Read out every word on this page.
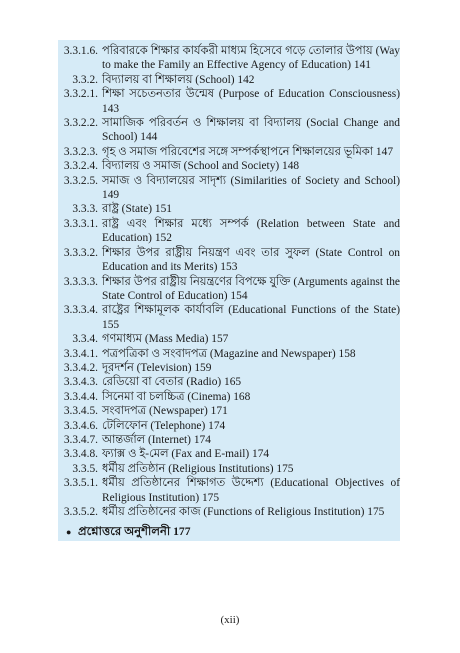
3.3.1.6. পরিবারকে শিক্ষার কার্যকরী মাধ্যম হিসেবে গড়ে তোলার উপায় (Way to make the Family an Effective Agency of Education) 141
3.3.2. বিদ্যালয় বা শিক্ষালয় (School) 142
3.3.2.1. শিক্ষা সচেতনতার উন্মেষ (Purpose of Education Consciousness) 143
3.3.2.2. সামাজিক পরিবর্তন ও শিক্ষালয় বা বিদ্যালয় (Social Change and School) 144
3.3.2.3. গৃহ ও সমাজ পরিবেশের সঙ্গে সম্পর্কস্থাপনে শিক্ষালয়ের ভূমিকা 147
3.3.2.4. বিদ্যালয় ও সমাজ (School and Society) 148
3.3.2.5. সমাজ ও বিদ্যালয়ের সাদৃশ্য (Similarities of Society and School) 149
3.3.3. রাষ্ট্র (State) 151
3.3.3.1. রাষ্ট্র এবং শিক্ষার মধ্যে সম্পর্ক (Relation between State and Education) 152
3.3.3.2. শিক্ষার উপর রাষ্ট্রীয় নিয়ন্ত্রণ এবং তার সুফল (State Control on Education and its Merits) 153
3.3.3.3. শিক্ষার উপর রাষ্ট্রীয় নিয়ন্ত্রণের বিপক্ষে যুক্তি (Arguments against the State Control of Education) 154
3.3.3.4. রাষ্ট্রের শিক্ষামূলক কার্যাবলি (Educational Functions of the State) 155
3.3.4. গণমাধ্যম (Mass Media) 157
3.3.4.1. পত্রপত্রিকা ও সংবাদপত্র (Magazine and Newspaper) 158
3.3.4.2. দূরদর্শন (Television) 159
3.3.4.3. রেডিয়ো বা বেতার (Radio) 165
3.3.4.4. সিনেমা বা চলচ্চিত্র (Cinema) 168
3.3.4.5. সংবাদপত্র (Newspaper) 171
3.3.4.6. টেলিফোন (Telephone) 174
3.3.4.7. আন্তর্জাল (Internet) 174
3.3.4.8. ফ্যাক্স ও ই-মেল (Fax and E-mail) 174
3.3.5. ধর্মীয় প্রতিষ্ঠান (Religious Institutions) 175
3.3.5.1. ধর্মীয় প্রতিষ্ঠানের শিক্ষাগত উদ্দেশ্য (Educational Objectives of Religious Institution) 175
3.3.5.2. ধর্মীয় প্রতিষ্ঠানের কাজ (Functions of Religious Institution) 175
● প্রশ্নোত্তরে অনুশীলনী 177
(xii)
